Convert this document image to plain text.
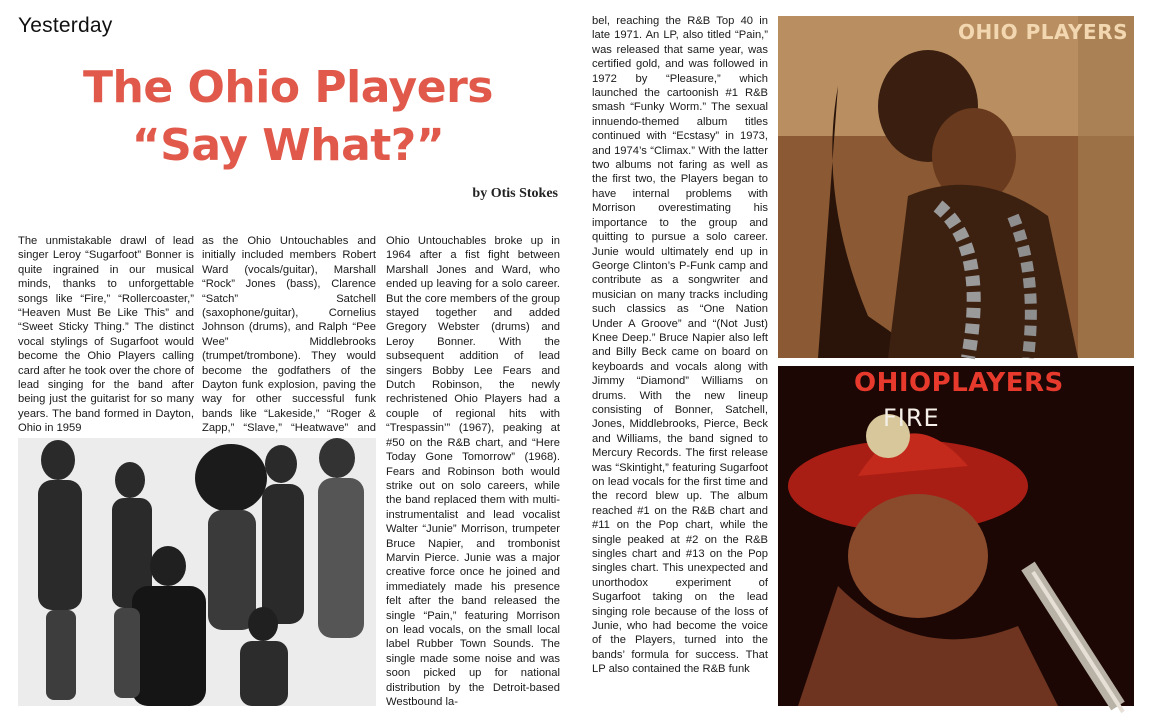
Yesterday
The Ohio Players
“Say What?”
by Otis Stokes
The unmistakable drawl of lead singer Leroy “Sugarfoot” Bonner is quite ingrained in our musical minds, thanks to unforgettable songs like “Fire,” “Rollercoaster,” “Heaven Must Be Like This” and “Sweet Sticky Thing.” The distinct vocal stylings of Sugarfoot would become the Ohio Players calling card after he took over the chore of lead singing for the band after being just the guitarist for so many years. The band formed in Dayton, Ohio in 1959
as the Ohio Untouchables and initially included members Robert Ward (vocals/guitar), Marshall “Rock” Jones (bass), Clarence “Satch” Satchell (saxophone/guitar), Cornelius Johnson (drums), and Ralph “Pee Wee” Middlebrooks (trumpet/trombone). They would become the godfathers of the Dayton funk explosion, paving the way for other successful funk bands like “Lakeside,” “Roger & Zapp,” “Slave,” “Heatwave” and
Ohio Untouchables broke up in 1964 after a fist fight between Marshall Jones and Ward, who ended up leaving for a solo career. But the core members of the group stayed together and added Gregory Webster (drums) and Leroy Bonner. With the subsequent addition of lead singers Bobby Lee Fears and Dutch Robinson, the newly rechristened Ohio Players had a couple of regional hits with “Trespassin’” (1967), peaking at #50 on the R&B chart, and “Here Today Gone Tomorrow” (1968). Fears and Robinson both would strike out on solo careers, while the band replaced them with multi-instrumentalist and lead vocalist Walter “Junie” Morrison, trumpeter Bruce Napier, and trombonist Marvin Pierce. Junie was a major creative force once he joined and immediately made his presence felt after the band released the single “Pain,” featuring Morrison on lead vocals, on the small local label Rubber Town Sounds. The single made some noise and was soon picked up for national distribution by the Detroit-based Westbound la-
bel, reaching the R&B Top 40 in late 1971. An LP, also titled “Pain,” was released that same year, was certified gold, and was followed in 1972 by “Pleasure,” which launched the cartoonish #1 R&B smash “Funky Worm.” The sexual innuendo-themed album titles continued with “Ecstasy” in 1973, and 1974’s “Climax.” With the latter two albums not faring as well as the first two, the Players began to have internal problems with Morrison overestimating his importance to the group and quitting to pursue a solo career. Junie would ultimately end up in George Clinton’s P-Funk camp and contribute as a songwriter and musician on many tracks including such classics as “One Nation Under A Groove” and “(Not Just) Knee Deep.” Bruce Napier also left and Billy Beck came on board on keyboards and vocals along with Jimmy “Diamond” Williams on drums. With the new lineup consisting of Bonner, Satchell, Jones, Middlebrooks, Pierce, Beck and Williams, the band signed to Mercury Records. The first release was “Skintight,” featuring Sugarfoot on lead vocals for the first time and the record blew up. The album reached #1 on the R&B chart and #11 on the Pop chart, while the single peaked at #2 on the R&B singles chart and #13 on the Pop singles chart. This unexpected and unorthodox experiment of Sugarfoot taking on the lead singing role because of the loss of Junie, who had become the voice of the Players, turned into the bands’ formula for success. That LP also contained the R&B funk
OHIO PLAYERS
OHIOPLAYERS
FIRE
